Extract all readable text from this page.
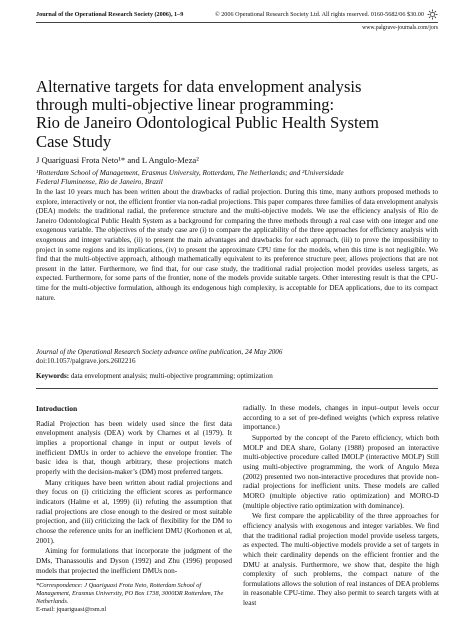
Journal of the Operational Research Society (2006), 1–9	© 2006 Operational Research Society Ltd. All rights reserved. 0160-5682/06 $30.00
www.palgrave-journals.com/jors
Alternative targets for data envelopment analysis
through multi-objective linear programming:
Rio de Janeiro Odontological Public Health System
Case Study
J Quariguasi Frota Neto¹* and L Angulo-Meza²
¹Rotterdam School of Management, Erasmus University, Rotterdam, The Netherlands; and ²Universidade
Federal Fluminense, Rio de Janeiro, Brazil

In the last 10 years much has been written about the drawbacks of radial projection. During this time, many authors proposed methods to explore, interactively or not, the efficient frontier via non-radial projections. This paper compares three families of data envelopment analysis (DEA) models: the traditional radial, the preference structure and the multi-objective models. We use the efficiency analysis of Rio de Janeiro Odontological Public Health System as a background for comparing the three methods through a real case with one integer and one exogenous variable. The objectives of the study case are (i) to compare the applicability of the three approaches for efficiency analysis with exogenous and integer variables, (ii) to present the main advantages and drawbacks for each approach, (iii) to prove the impossibility to project in some regions and its implications, (iv) to present the approximate CPU time for the models, when this time is not negligible. We find that the multi-objective approach, although mathematically equivalent to its preference structure peer, allows projections that are not present in the latter. Furthermore, we find that, for our case study, the traditional radial projection model provides useless targets, as expected. Furthermore, for some parts of the frontier, none of the models provide suitable targets. Other interesting result is that the CPU-time for the multi-objective formulation, although its endogenous high complexity, is acceptable for DEA applications, due to its compact nature.

Journal of the Operational Research Society advance online publication, 24 May 2006
doi:10.1057/palgrave.jors.2602216
Keywords: data envelopment analysis; multi-objective programming; optimization
Introduction

Radial Projection has been widely used since the first data envelopment analysis (DEA) work by Charnes et al (1979). It implies a proportional change in input or output levels of inefficient DMUs in order to achieve the envelope frontier. The basic idea is that, though arbitrary, these projections match properly with the decision-maker’s (DM) most preferred targets.

Many critiques have been written about radial projections and they focus on (i) criticizing the efficient scores as performance indicators (Halme et al, 1999) (ii) refuting the assumption that radial projections are close enough to the desired or most suitable projection, and (iii) criticizing the lack of flexibility for the DM to choose the reference units for an inefficient DMU (Korhonen et al, 2001).

Aiming for formulations that incorporate the judgment of the DMs, Thanassoulis and Dyson (1992) and Zhu (1996) proposed models that projected the inefficient DMUs non-

*Correspondence: J Quariguasi Frota Neto, Rotterdam School of Management, Erasmus University, PO Box 1738, 3000DR Rotterdam, The Netherlands.
E-mail: jquariguasi@rsm.nl

radially. In these models, changes in input–output levels occur according to a set of pre-defined weights (which express relative importance.)

Supported by the concept of the Pareto efficiency, which both MOLP and DEA share, Golany (1988) proposed an interactive multi-objective procedure called IMOLP (interactive MOLP) Still using multi-objective programming, the work of Angulo Meza (2002) presented two non-interactive procedures that provide non-radial projections for inefficient units. These models are called MORO (multiple objective ratio optimization) and MORO-D (multiple objective ratio optimization with dominance).

We first compare the applicability of the three approaches for efficiency analysis with exogenous and integer variables. We find that the traditional radial projection model provide useless targets, as expected. The multi-objective models provide a set of targets in which their cardinality depends on the efficient frontier and the DMU at analysis. Furthermore, we show that, despite the high complexity of such problems, the compact nature of the formulations allows the solution of real instances of DEA problems in reasonable CPU-time. They also permit to search targets with at least
